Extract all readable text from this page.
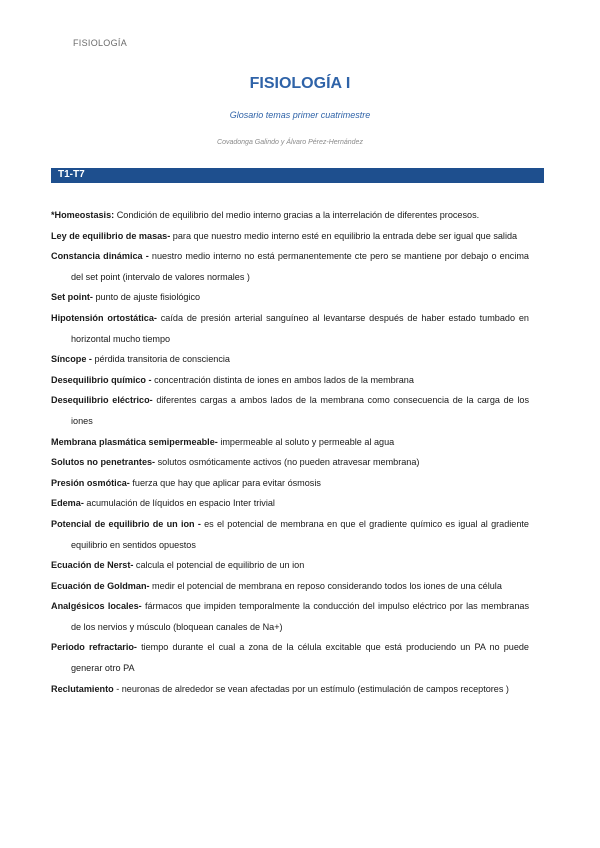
FISIOLOGÍA
FISIOLOGÍA I
Glosario temas primer cuatrimestre
Covadonga Galindo y Álvaro Pérez-Hernández
T1-T7

*Homeostasis: Condición de equilibrio del medio interno gracias a la interrelación de diferentes procesos.

Ley de equilibrio de masas- para que nuestro medio interno esté en equilibrio la entrada debe ser igual que salida

Constancia dinámica - nuestro medio interno no está permanentemente cte pero se mantiene por debajo o encima del set point (intervalo de valores normales )

Set point- punto de ajuste fisiológico

Hipotensión ortostática- caída de presión arterial sanguíneo al levantarse después de haber estado tumbado en horizontal mucho tiempo

Síncope - pérdida transitoria de consciencia

Desequilibrio químico - concentración distinta de iones en ambos lados de la membrana

Desequilibrio eléctrico- diferentes cargas a ambos lados de la membrana como consecuencia de la carga de los iones

Membrana plasmática semipermeable- impermeable al soluto y permeable al agua

Solutos no penetrantes- solutos osmóticamente activos (no pueden atravesar membrana)

Presión osmótica- fuerza que hay que aplicar para evitar ósmosis

Edema- acumulación de líquidos en espacio Inter trivial

Potencial de equilibrio de un ion - es el potencial de membrana en que el gradiente químico es igual al gradiente equilibrio en sentidos opuestos

Ecuación de Nerst- calcula el potencial de equilibrio de un ion

Ecuación de Goldman- medir el potencial de membrana en reposo considerando todos los iones de una célula

Analgésicos locales- fármacos que impiden temporalmente la conducción del impulso eléctrico por las membranas de los nervios y músculo (bloquean canales de Na+)

Periodo refractario- tiempo durante el cual a zona de la célula excitable que está produciendo un PA no puede generar otro PA

Reclutamiento - neuronas de alrededor se vean afectadas por un estímulo (estimulación de campos receptores )
